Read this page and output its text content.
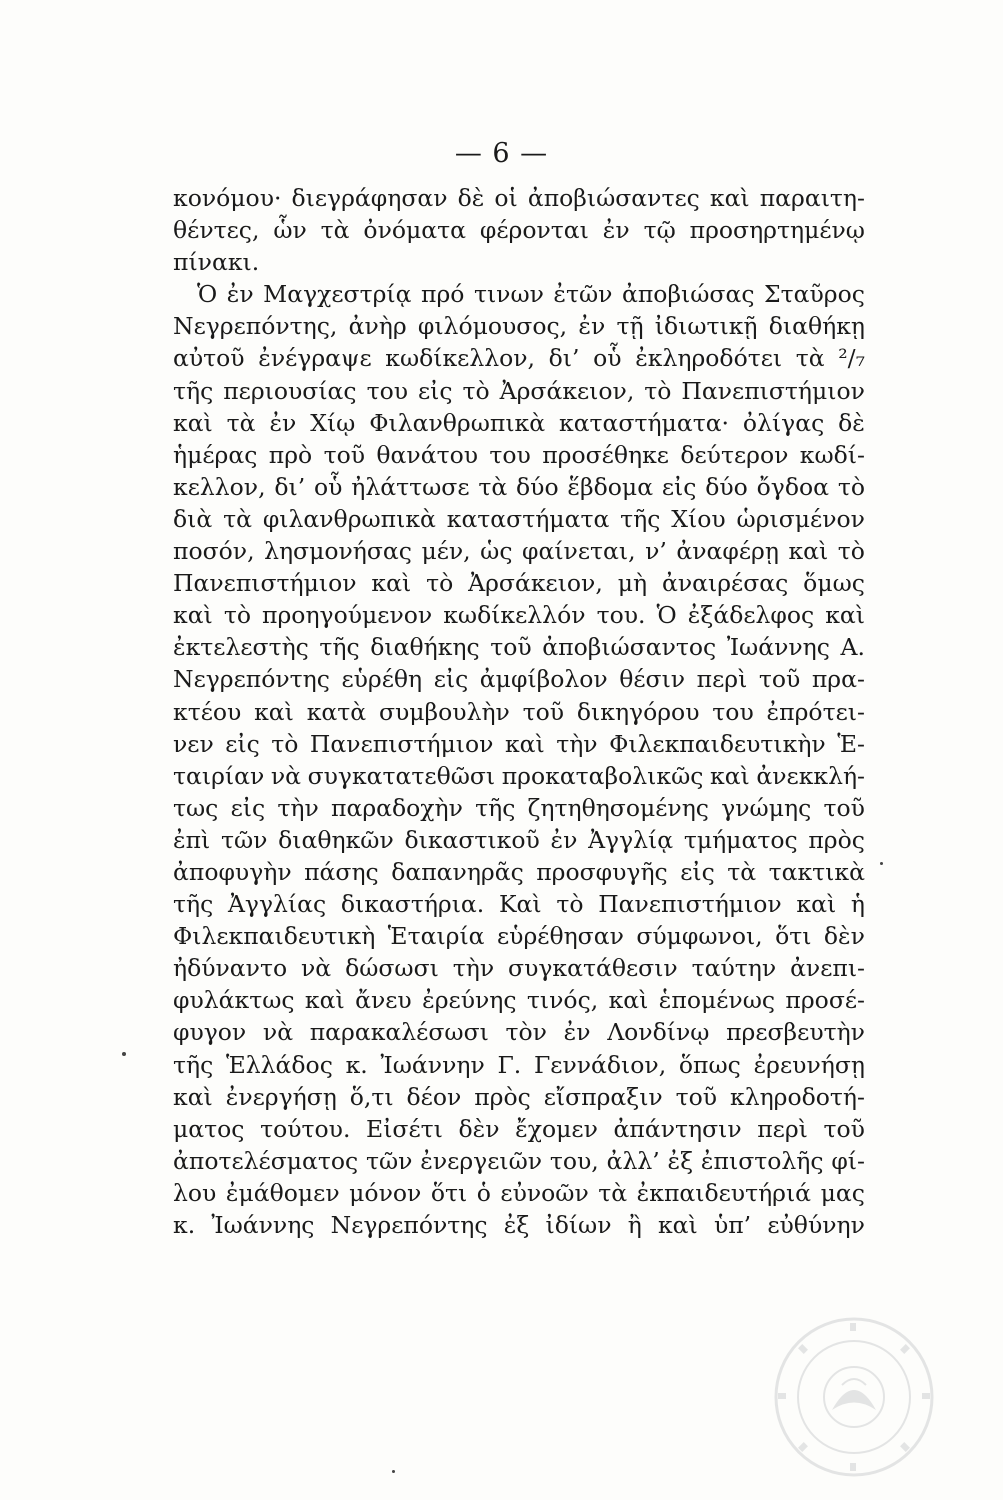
— 6 —
κονόμου· διεγράφησαν δὲ οἱ ἀποβιώσαντες καὶ παραιτη-
θέντες, ὧν τὰ ὀνόματα φέρονται ἐν τῷ προσηρτημένῳ
πίνακι.
Ὁ ἐν Μαγχεστρίᾳ πρό τινων ἐτῶν ἀποβιώσας Σταῦρος
Νεγρεπόντης, ἀνὴρ φιλόμουσος, ἐν τῇ ἰδιωτικῇ διαθήκῃ
αὐτοῦ ἐνέγραψε κωδίκελλον, δι’ οὗ ἐκληροδότει τὰ ²/₇
τῆς περιουσίας του εἰς τὸ Ἀρσάκειον, τὸ Πανεπιστήμιον
καὶ τὰ ἐν Χίῳ Φιλανθρωπικὰ καταστήματα· ὀλίγας δὲ
ἡμέρας πρὸ τοῦ θανάτου του προσέθηκε δεύτερον κωδί-
κελλον, δι’ οὗ ἠλάττωσε τὰ δύο ἕβδομα εἰς δύο ὄγδοα τὸ
διὰ τὰ φιλανθρωπικὰ καταστήματα τῆς Χίου ὡρισμένον
ποσόν, λησμονήσας μέν, ὡς φαίνεται, ν’ ἀναφέρῃ καὶ τὸ
Πανεπιστήμιον καὶ τὸ Ἀρσάκειον, μὴ ἀναιρέσας ὅμως
καὶ τὸ προηγούμενον κωδίκελλόν του. Ὁ ἐξάδελφος καὶ
ἐκτελεστὴς τῆς διαθήκης τοῦ ἀποβιώσαντος Ἰωάννης Α.
Νεγρεπόντης εὑρέθη εἰς ἀμφίβολον θέσιν περὶ τοῦ πρα-
κτέου καὶ κατὰ συμβουλὴν τοῦ δικηγόρου του ἐπρότει-
νεν εἰς τὸ Πανεπιστήμιον καὶ τὴν Φιλεκπαιδευτικὴν Ἑ-
ταιρίαν νὰ συγκατατεθῶσι προκαταβολικῶς καὶ ἀνεκκλή-
τως εἰς τὴν παραδοχὴν τῆς ζητηθησομένης γνώμης τοῦ
ἐπὶ τῶν διαθηκῶν δικαστικοῦ ἐν Ἀγγλίᾳ τμήματος πρὸς
ἀποφυγὴν πάσης δαπανηρᾶς προσφυγῆς εἰς τὰ τακτικὰ
τῆς Ἀγγλίας δικαστήρια. Καὶ τὸ Πανεπιστήμιον καὶ ἡ
Φιλεκπαιδευτικὴ Ἑταιρία εὑρέθησαν σύμφωνοι, ὅτι δὲν
ἠδύναντο νὰ δώσωσι τὴν συγκατάθεσιν ταύτην ἀνεπι-
φυλάκτως καὶ ἄνευ ἐρεύνης τινός, καὶ ἑπομένως προσέ-
φυγον νὰ παρακαλέσωσι τὸν ἐν Λονδίνῳ πρεσβευτὴν
τῆς Ἑλλάδος κ. Ἰωάννην Γ. Γεννάδιον, ὅπως ἐρευνήσῃ
καὶ ἐνεργήσῃ ὅ,τι δέον πρὸς εἴσπραξιν τοῦ κληροδοτή-
ματος τούτου. Εἰσέτι δὲν ἔχομεν ἀπάντησιν περὶ τοῦ
ἀποτελέσματος τῶν ἐνεργειῶν του, ἀλλ’ ἐξ ἐπιστολῆς φί-
λου ἐμάθομεν μόνον ὅτι ὁ εὐνοῶν τὰ ἐκπαιδευτήριά μας
κ. Ἰωάννης Νεγρεπόντης ἐξ ἰδίων ἢ καὶ ὑπ’ εὐθύνην
